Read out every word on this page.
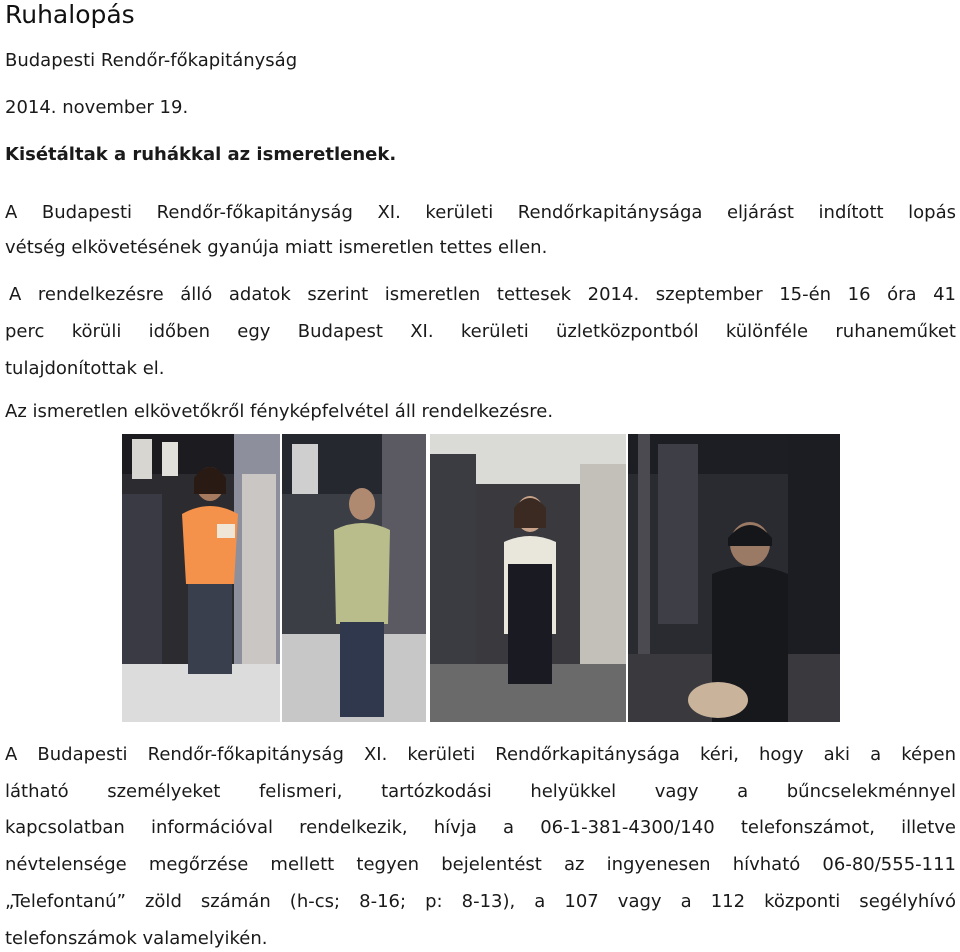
Ruhalopás

Budapesti Rendőr-főkapitányság

2014. november 19.

Kisétáltak a ruhákkal az ismeretlenek.

A Budapesti Rendőr-főkapitányság XI. kerületi Rendőrkapitánysága eljárást indított lopás

vétség elkövetésének gyanúja miatt ismeretlen tettes ellen.

A rendelkezésre álló adatok szerint ismeretlen tettesek 2014. szeptember 15-én 16 óra 41

perc körüli időben egy Budapest XI. kerületi üzletközpontból különféle ruhaneműket

tulajdonítottak el.

Az ismeretlen elkövetőkről fényképfelvétel áll rendelkezésre.

A Budapesti Rendőr-főkapitányság XI. kerületi Rendőrkapitánysága kéri, hogy aki a képen

látható személyeket felismeri, tartózkodási helyükkel vagy a bűncselekménnyel

kapcsolatban információval rendelkezik, hívja a 06-1-381-4300/140 telefonszámot, illetve

névtelensége megőrzése mellett tegyen bejelentést az ingyenesen hívható 06-80/555-111

„Telefontanú” zöld számán (h-cs; 8-16; p: 8-13), a 107 vagy a 112 központi segélyhívó

telefonszámok valamelyikén.
